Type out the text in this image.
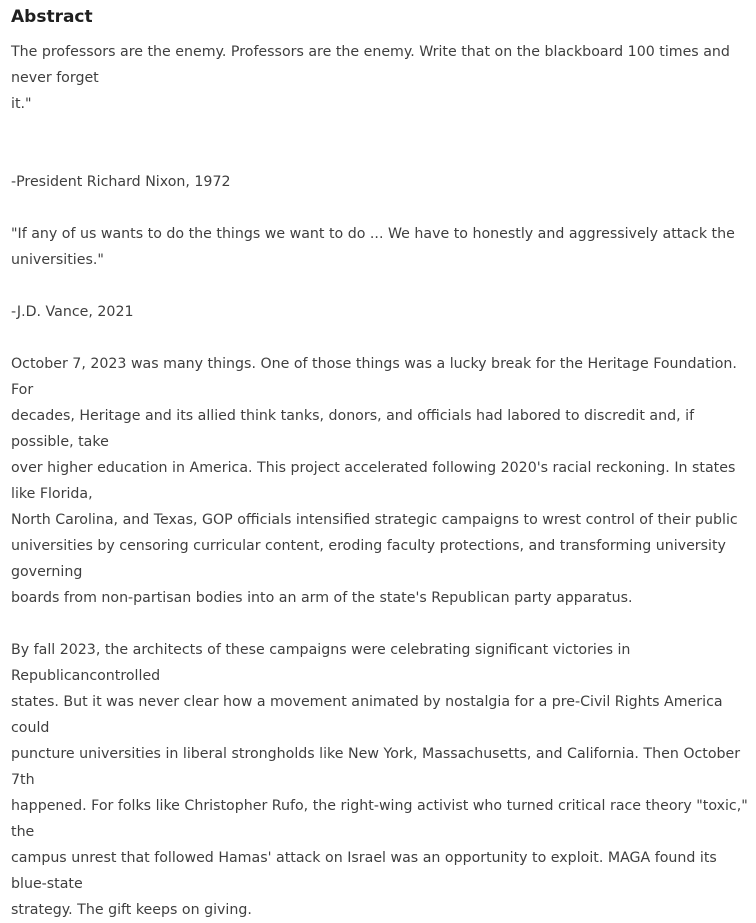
Abstract

The professors are the enemy. Professors are the enemy. Write that on the blackboard 100 times and never forget
it."

-President Richard Nixon, 1972

"If any of us wants to do the things we want to do ... We have to honestly and aggressively attack the
universities."

-J.D. Vance, 2021

October 7, 2023 was many things. One of those things was a lucky break for the Heritage Foundation. For
decades, Heritage and its allied think tanks, donors, and officials had labored to discredit and, if possible, take
over higher education in America. This project accelerated following 2020's racial reckoning. In states like Florida,
North Carolina, and Texas, GOP officials intensified strategic campaigns to wrest control of their public
universities by censoring curricular content, eroding faculty protections, and transforming university governing
boards from non-partisan bodies into an arm of the state's Republican party apparatus.

By fall 2023, the architects of these campaigns were celebrating significant victories in Republicancontrolled
states. But it was never clear how a movement animated by nostalgia for a pre-Civil Rights America could
puncture universities in liberal strongholds like New York, Massachusetts, and California. Then October 7th
happened. For folks like Christopher Rufo, the right-wing activist who turned critical race theory "toxic," the
campus unrest that followed Hamas' attack on Israel was an opportunity to exploit. MAGA found its blue-state
strategy. The gift keeps on giving.
